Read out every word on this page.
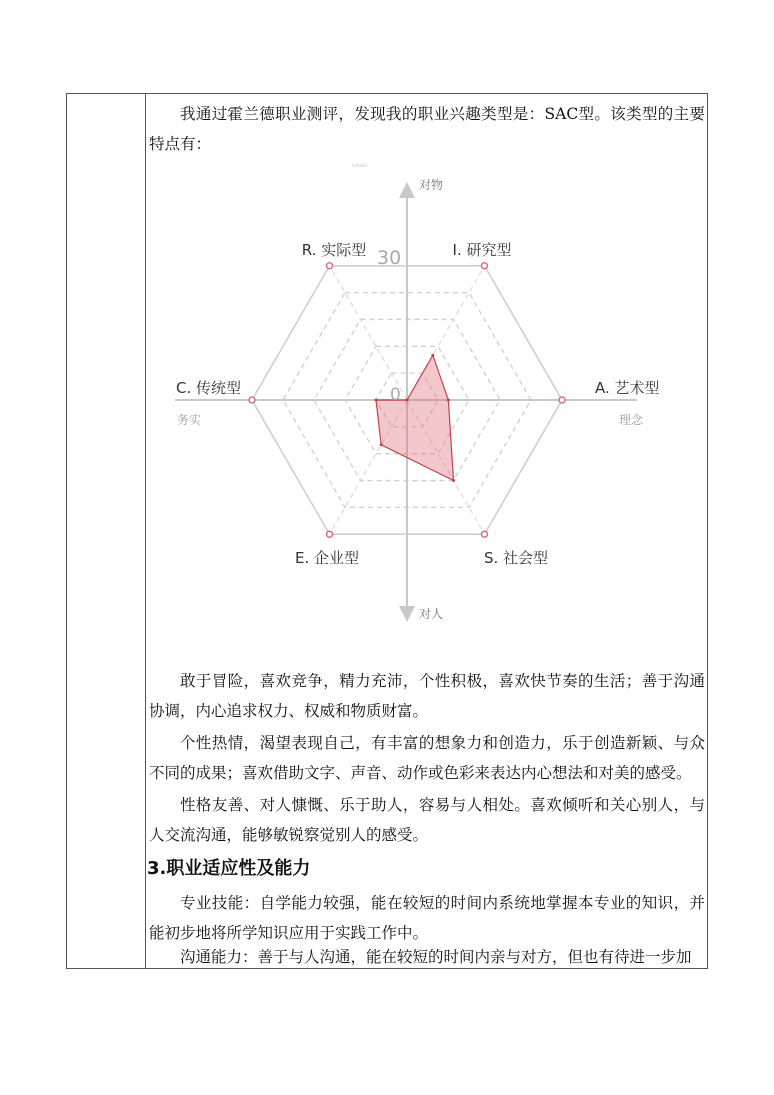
我通过霍兰德职业测评，发现我的职业兴趣类型是：SAC型。该类型的主要特点有：

holland
对物
对人
务实	理念
30
0
R. 实际型	I. 研究型
A. 艺术型
S. 社会型
E. 企业型
C. 传统型

敢于冒险，喜欢竞争，精力充沛，个性积极，喜欢快节奏的生活；善于沟通协调，内心追求权力、权威和物质财富。

个性热情，渴望表现自己，有丰富的想象力和创造力，乐于创造新颖、与众不同的成果；喜欢借助文字、声音、动作或色彩来表达内心想法和对美的感受。

性格友善、对人慷慨、乐于助人，容易与人相处。喜欢倾听和关心别人，与人交流沟通，能够敏锐察觉别人的感受。

3.职业适应性及能力

专业技能：自学能力较强，能在较短的时间内系统地掌握本专业的知识，并能初步地将所学知识应用于实践工作中。

沟通能力：善于与人沟通，能在较短的时间内亲与对方，但也有待进一步加
